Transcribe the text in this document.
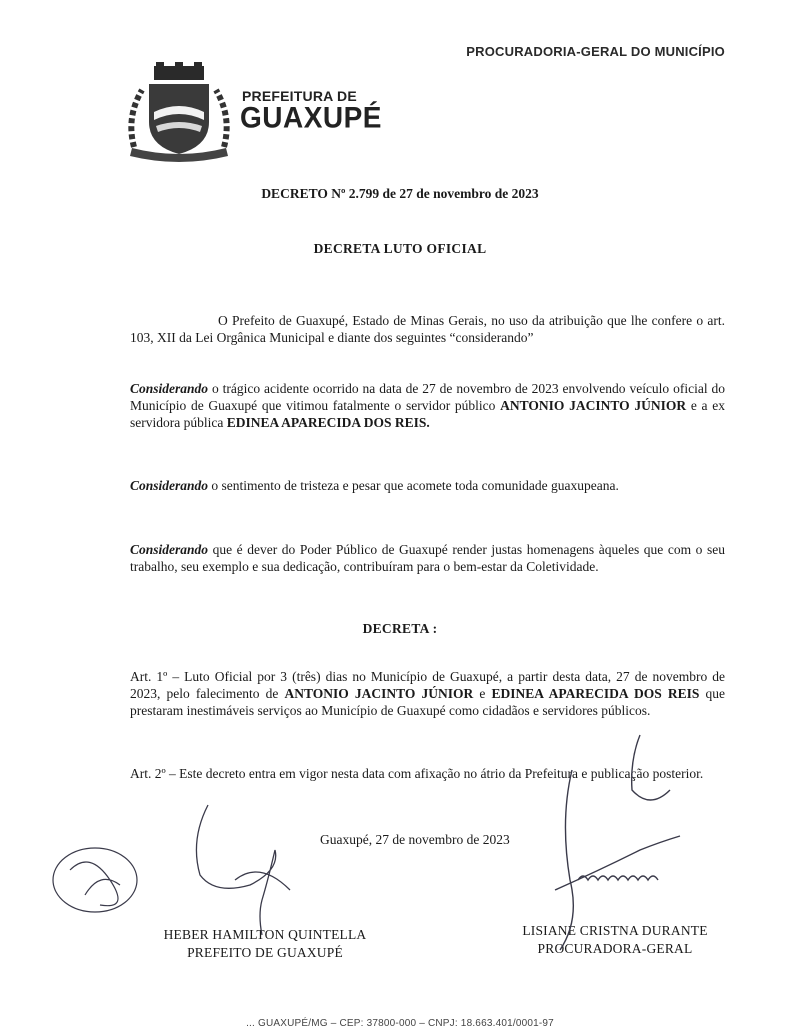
PROCURADORIA-GERAL DO MUNICÍPIO
PREFEITURA DE
GUAXUPÉ
DECRETO Nº 2.799 de 27 de novembro de 2023
DECRETA LUTO OFICIAL

O Prefeito de Guaxupé, Estado de Minas Gerais, no uso da atribuição que lhe confere o art. 103, XII da Lei Orgânica Municipal e diante dos seguintes “considerando”

Considerando o trágico acidente ocorrido na data de 27 de novembro de 2023 envolvendo veículo oficial do Município de Guaxupé que vitimou fatalmente o servidor público ANTONIO JACINTO JÚNIOR e a ex servidora pública EDINEA APARECIDA DOS REIS.

Considerando o sentimento de tristeza e pesar que acomete toda comunidade guaxupeana.

Considerando que é dever do Poder Público de Guaxupé render justas homenagens àqueles que com o seu trabalho, seu exemplo e sua dedicação, contribuíram para o bem-estar da Coletividade.

DECRETA :

Art. 1º – Luto Oficial por 3 (três) dias no Município de Guaxupé, a partir desta data, 27 de novembro de 2023, pelo falecimento de ANTONIO JACINTO JÚNIOR e EDINEA APARECIDA DOS REIS que prestaram inestimáveis serviços ao Município de Guaxupé como cidadãos e servidores públicos.

Art. 2º – Este decreto entra em vigor nesta data com afixação no átrio da Prefeitura e publicação posterior.

Guaxupé, 27 de novembro de 2023
HEBER HAMILTON QUINTELLA
PREFEITO DE GUAXUPÉ
LISIANE CRISTNA DURANTE
PROCURADORA-GERAL
... GUAXUPÉ/MG – CEP: 37800-000 – CNPJ: 18.663.401/0001-97
